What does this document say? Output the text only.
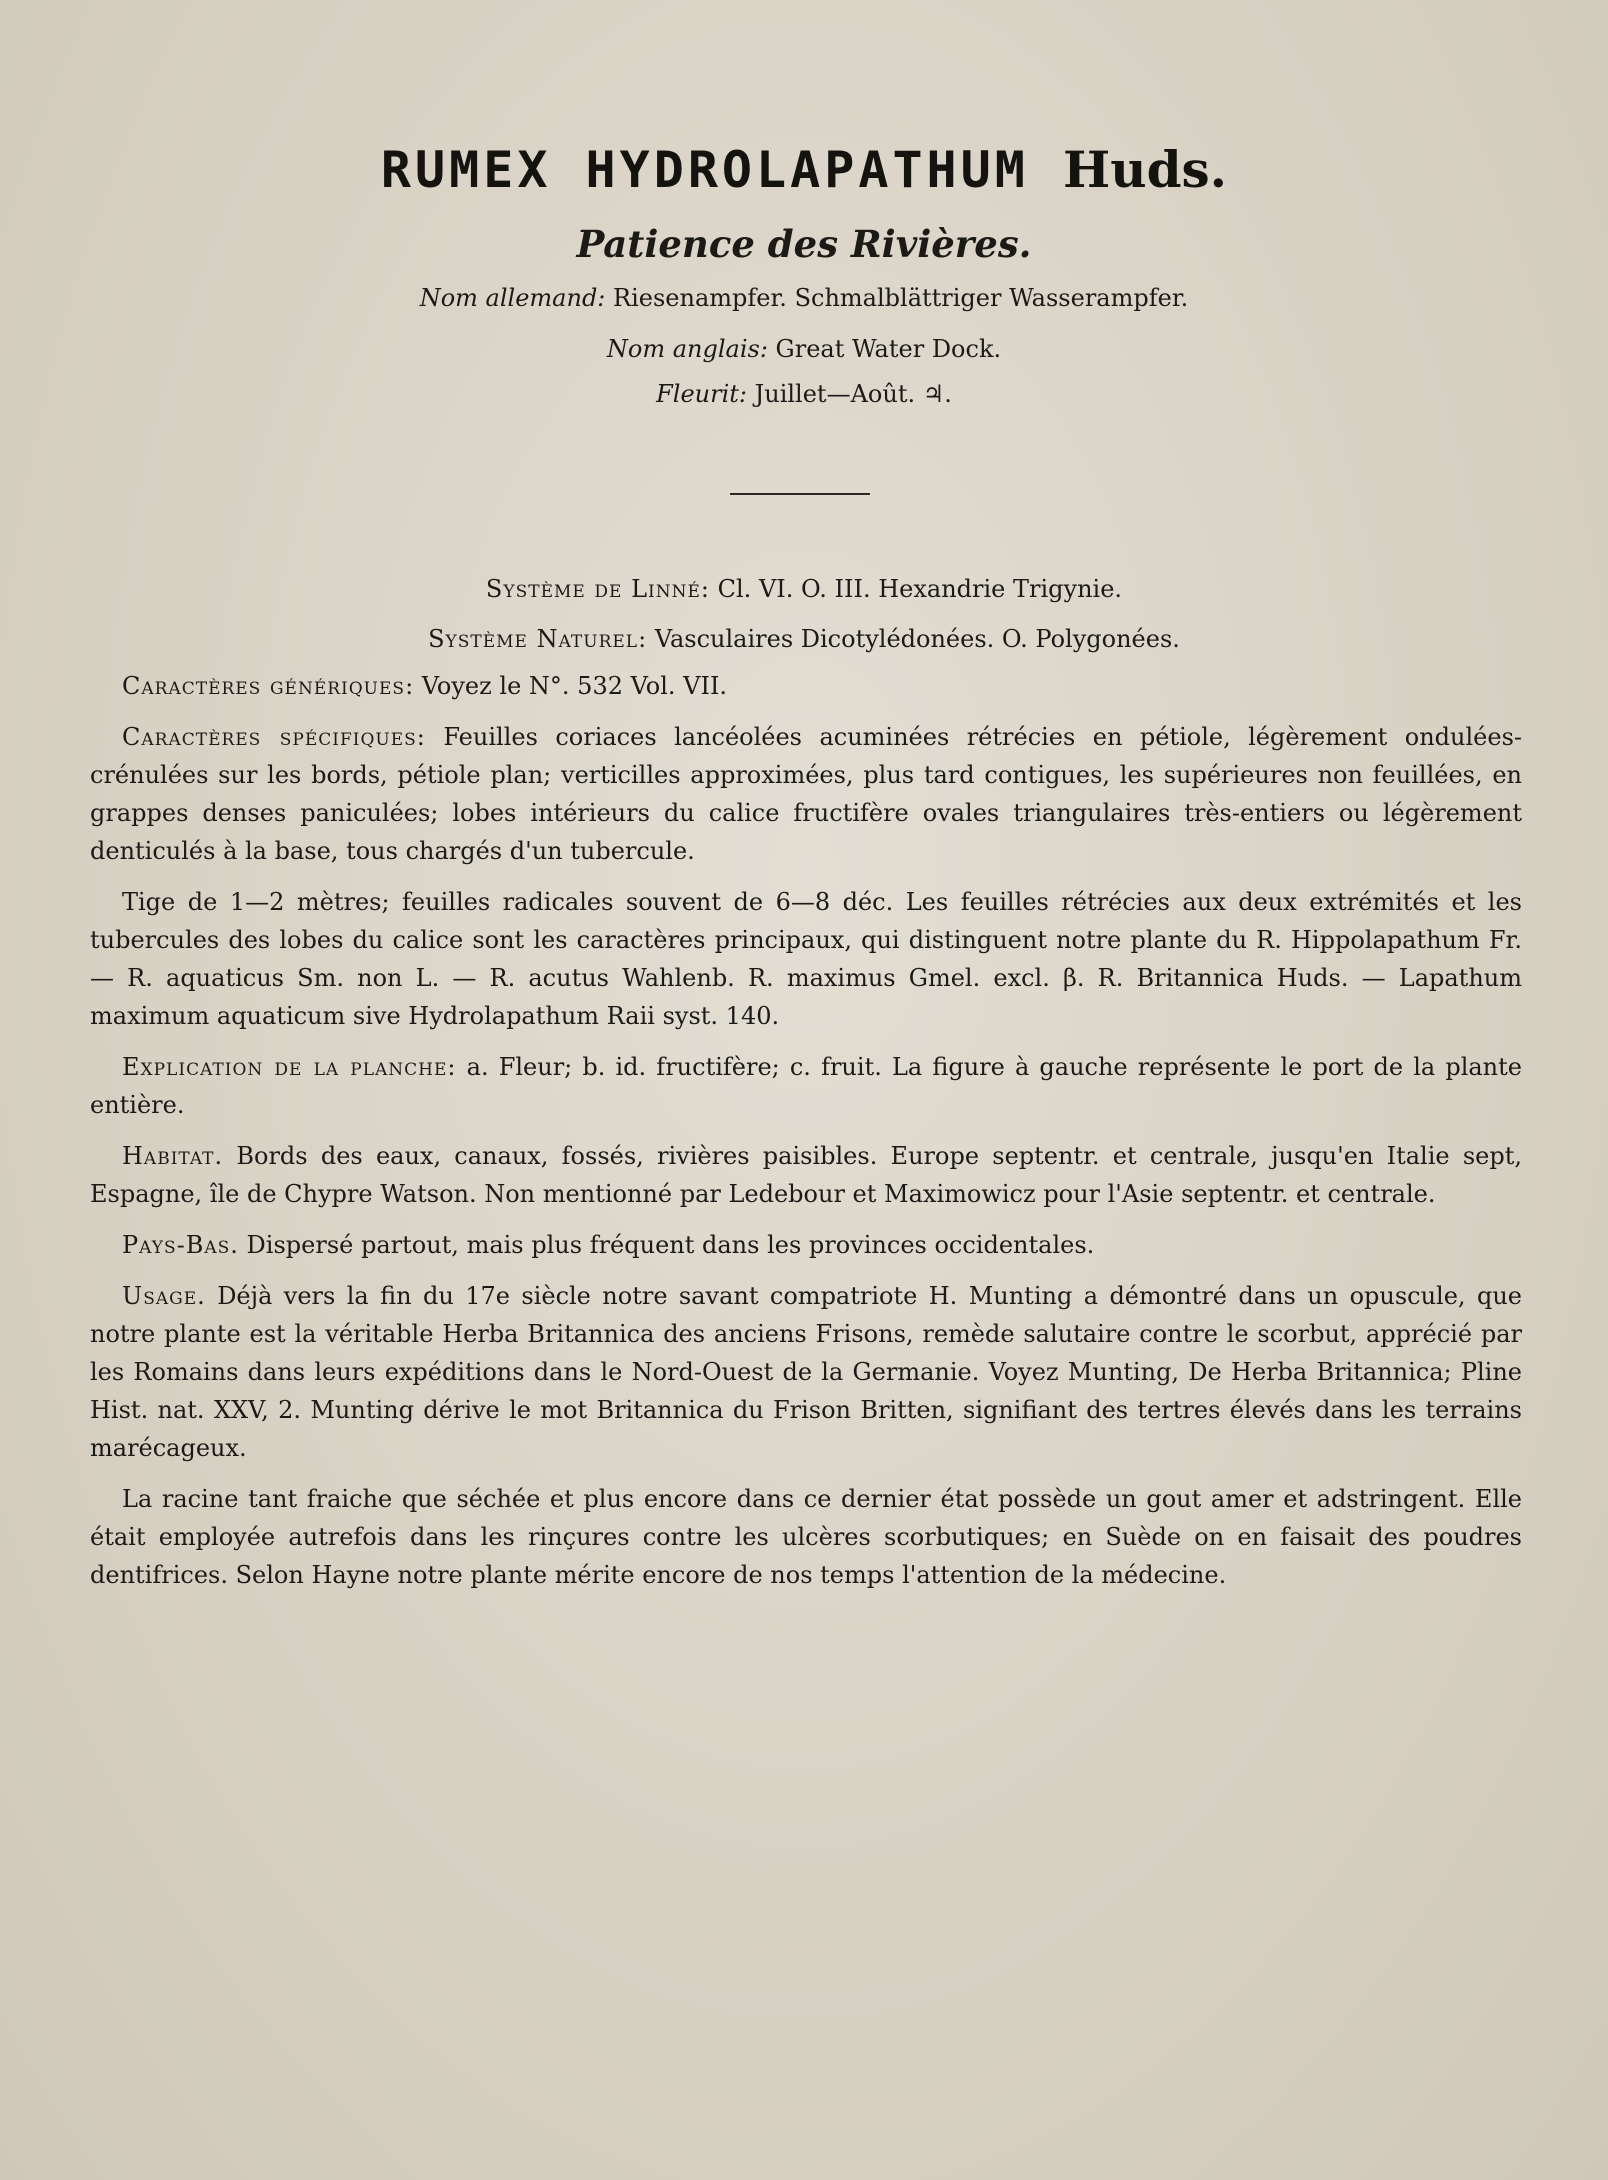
RUMEX HYDROLAPATHUM Huds.
Patience des Rivières.
Nom allemand: Riesenampfer. Schmalblättriger Wasserampfer.
Nom anglais: Great Water Dock.
Fleurit: Juillet—Août. ♃.
Système de Linné: Cl. VI. O. III. Hexandrie Trigynie.
Système Naturel: Vasculaires Dicotylédonées. O. Polygonées.

Caractères génériques: Voyez le N°. 532 Vol. VII.

Caractères spécifiques: Feuilles coriaces lancéolées acuminées rétrécies en pétiole, légèrement ondulées-crénulées sur les bords, pétiole plan; verticilles approximées, plus tard contigues, les supérieures non feuillées, en grappes denses paniculées; lobes intérieurs du calice fructifère ovales triangulaires très-entiers ou légèrement denticulés à la base, tous chargés d'un tubercule.

Tige de 1—2 mètres; feuilles radicales souvent de 6—8 déc. Les feuilles rétrécies aux deux extrémités et les tubercules des lobes du calice sont les caractères principaux, qui distinguent notre plante du R. Hippolapathum Fr. — R. aquaticus Sm. non L. — R. acutus Wahlenb. R. maximus Gmel. excl. β. R. Britannica Huds. — Lapathum maximum aquaticum sive Hydrolapathum Raii syst. 140.

Explication de la planche: a. Fleur; b. id. fructifère; c. fruit. La figure à gauche représente le port de la plante entière.

Habitat. Bords des eaux, canaux, fossés, rivières paisibles. Europe septentr. et centrale, jusqu'en Italie sept, Espagne, île de Chypre Watson. Non mentionné par Ledebour et Maximowicz pour l'Asie septentr. et centrale.

Pays-Bas. Dispersé partout, mais plus fréquent dans les provinces occidentales.

Usage. Déjà vers la fin du 17e siècle notre savant compatriote H. Munting a démontré dans un opuscule, que notre plante est la véritable Herba Britannica des anciens Frisons, remède salutaire contre le scorbut, apprécié par les Romains dans leurs expéditions dans le Nord-Ouest de la Germanie. Voyez Munting, De Herba Britannica; Pline Hist. nat. XXV, 2. Munting dérive le mot Britannica du Frison Britten, signifiant des tertres élevés dans les terrains marécageux.

La racine tant fraiche que séchée et plus encore dans ce dernier état possède un gout amer et adstringent. Elle était employée autrefois dans les rinçures contre les ulcères scorbutiques; en Suède on en faisait des poudres dentifrices. Selon Hayne notre plante mérite encore de nos temps l'attention de la médecine.
